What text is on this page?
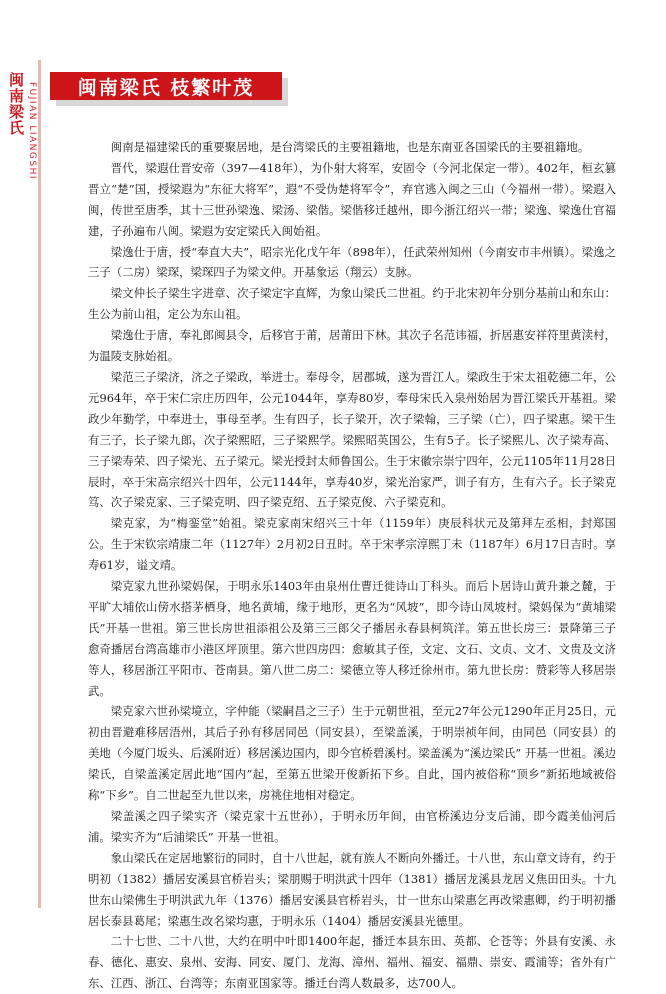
闽南梁氏 FUJIAN LIANGSHI	闽南梁氏 枝繁叶茂

闽南是福建梁氏的重要聚居地，是台湾梁氏的主要祖籍地，也是东南亚各国梁氏的主要祖籍地。

晋代，梁遐仕晋安帝（397—418年），为仆射大将军，安固令（今河北保定一带）。402年，桓玄篡晋立“楚”国，授梁遐为“东征大将军”，遐“不受伪楚将军令”，弃官逃入闽之三山（今福州一带）。梁遐入闽，传世至唐季，其十三世孙梁逸、梁汤、梁偕。梁偕移迁越州，即今浙江绍兴一带；梁逸、梁逸仕官福建，子孙遍布八闽。梁遐为安定梁氏入闽始祖。

梁逸仕于唐，授“奉直大夫”，昭宗光化戊午年（898年），任武荣州知州（今南安市丰州镇）。梁逸之三子（二房）梁琛，梁琛四子为梁文仲。开基象运（翔云）支脉。

梁文仲长子梁生字进章、次子梁定字直辉，为象山梁氏二世祖。约于北宋初年分别分基前山和东山：生公为前山祖，定公为东山祖。

梁逸仕于唐，奉礼郎闽县令，后移官于莆，居莆田下林。其次子名范讳福，折居惠安祥符里黄渎村，为温陵支脉始祖。

梁范三子梁济，济之子梁政，举进士。奉母令，居郡城，遂为晋江人。梁政生于宋太祖乾德二年，公元964年，卒于宋仁宗庄历四年，公元1044年，享寿80岁，奉母宋氏入泉州始居为晋江梁氏开基祖。梁政少年勤学，中奉进士，事母至孝。生有四子，长子梁开，次子梁翰，三子梁（亡），四子梁惠。梁干生有三子，长子梁九郎，次子梁熙昭，三子梁熙学。梁熙昭英国公，生有5子。长子梁熙儿、次子梁寿高、三子梁寿荣、四子梁光、五子梁元。梁光授封太师鲁国公。生于宋徽宗崇宁四年，公元1105年11月28日辰时，卒于宋高宗绍兴十四年，公元1144年，享寿40岁，梁光治家严，训子有方，生有六子。长子梁克笃、次子梁克家、三子梁克明、四子梁克绍、五子梁克俊、六子梁克和。

梁克家，为“梅銮堂”始祖。梁克家南宋绍兴三十年（1159年）庚辰科状元及第拜左丞相，封郑国公。生于宋钦宗靖康二年（1127年）2月初2日丑时。卒于宋孝宗淳熙丁未（1187年）6月17日吉时。享寿61岁，谥文靖。

梁克家九世孙梁妈保，于明永乐1403年由泉州仕曹迁徙诗山丁科头。而后卜居诗山黄升兼之麓，于平旷大埔依山傍水搭茅栖身，地名黄埔，缘于地形，更名为“风坡”，即今诗山凤坡村。梁妈保为“黄埔梁氏”开基一世祖。第三世长房世祖添祖公及第三三郎父子播居永春县柯筑洋。第五世长房三：景降第三子愈奇播居台湾高雄市小港区坪顶里。第六世四房四：愈敏其子侄，文定、文石、文贞、文才、文贵及文济等人，移居浙江平阳市、苍南县。第八世二房二：梁德立等人移迁徐州市。第九世长房：赞彩等人移居崇武。

梁克家六世孙梁境立，字仲能（梁嗣昌之三子）生于元朝世祖，至元27年公元1290年正月25日，元初由晋避难移居浯州，其后子孙有移居同邑（同安县），至梁盖溪，于明崇祯年间，由同邑（同安县）的美地（今厦门坂头、后溪附近）移居溪边国内，即今官桥碧溪村。梁盖溪为“溪边梁氏” 开基一世祖。溪边梁氏，自梁盖溪定居此地“国内”起，至第五世梁开俊新拓下乡。自此，国内被俗称“顶乡”新拓地域被俗称“下乡”。自二世起至九世以来，房祧住地相对稳定。

梁盖溪之四子梁实齐（梁克家十五世孙），于明永历年间，由官桥溪边分支后浦，即今霞美仙河后浦。梁实齐为“后浦梁氏” 开基一世祖。

象山梁氏在定居地繁衍的同时，自十八世起，就有族人不断向外播迁。十八世，东山章文诗有，约于明初（1382）播居安溪县官桥岩头；梁朋赐于明洪武十四年（1381）播居龙溪县龙居义焦田田头。十九世东山梁佛生于明洪武九年（1376）播居安溪县官桥岩头，廿一世东山梁惠乞再改梁惠卿，约于明初播居长泰县葛尾；梁惠生改名梁均惠，于明永乐（1404）播居安溪县光德里。

二十七世、二十八世，大约在明中叶即1400年起，播迁本县东田、英都、仑苍等；外县有安溪、永春、德化、惠安、泉州、安海、同安、厦门、龙海、漳州、福州、福安、福鼎、崇安、霞浦等；省外有广东、江西、浙江、台湾等；东南亚国家等。播迁台湾人数最多，达700人。
